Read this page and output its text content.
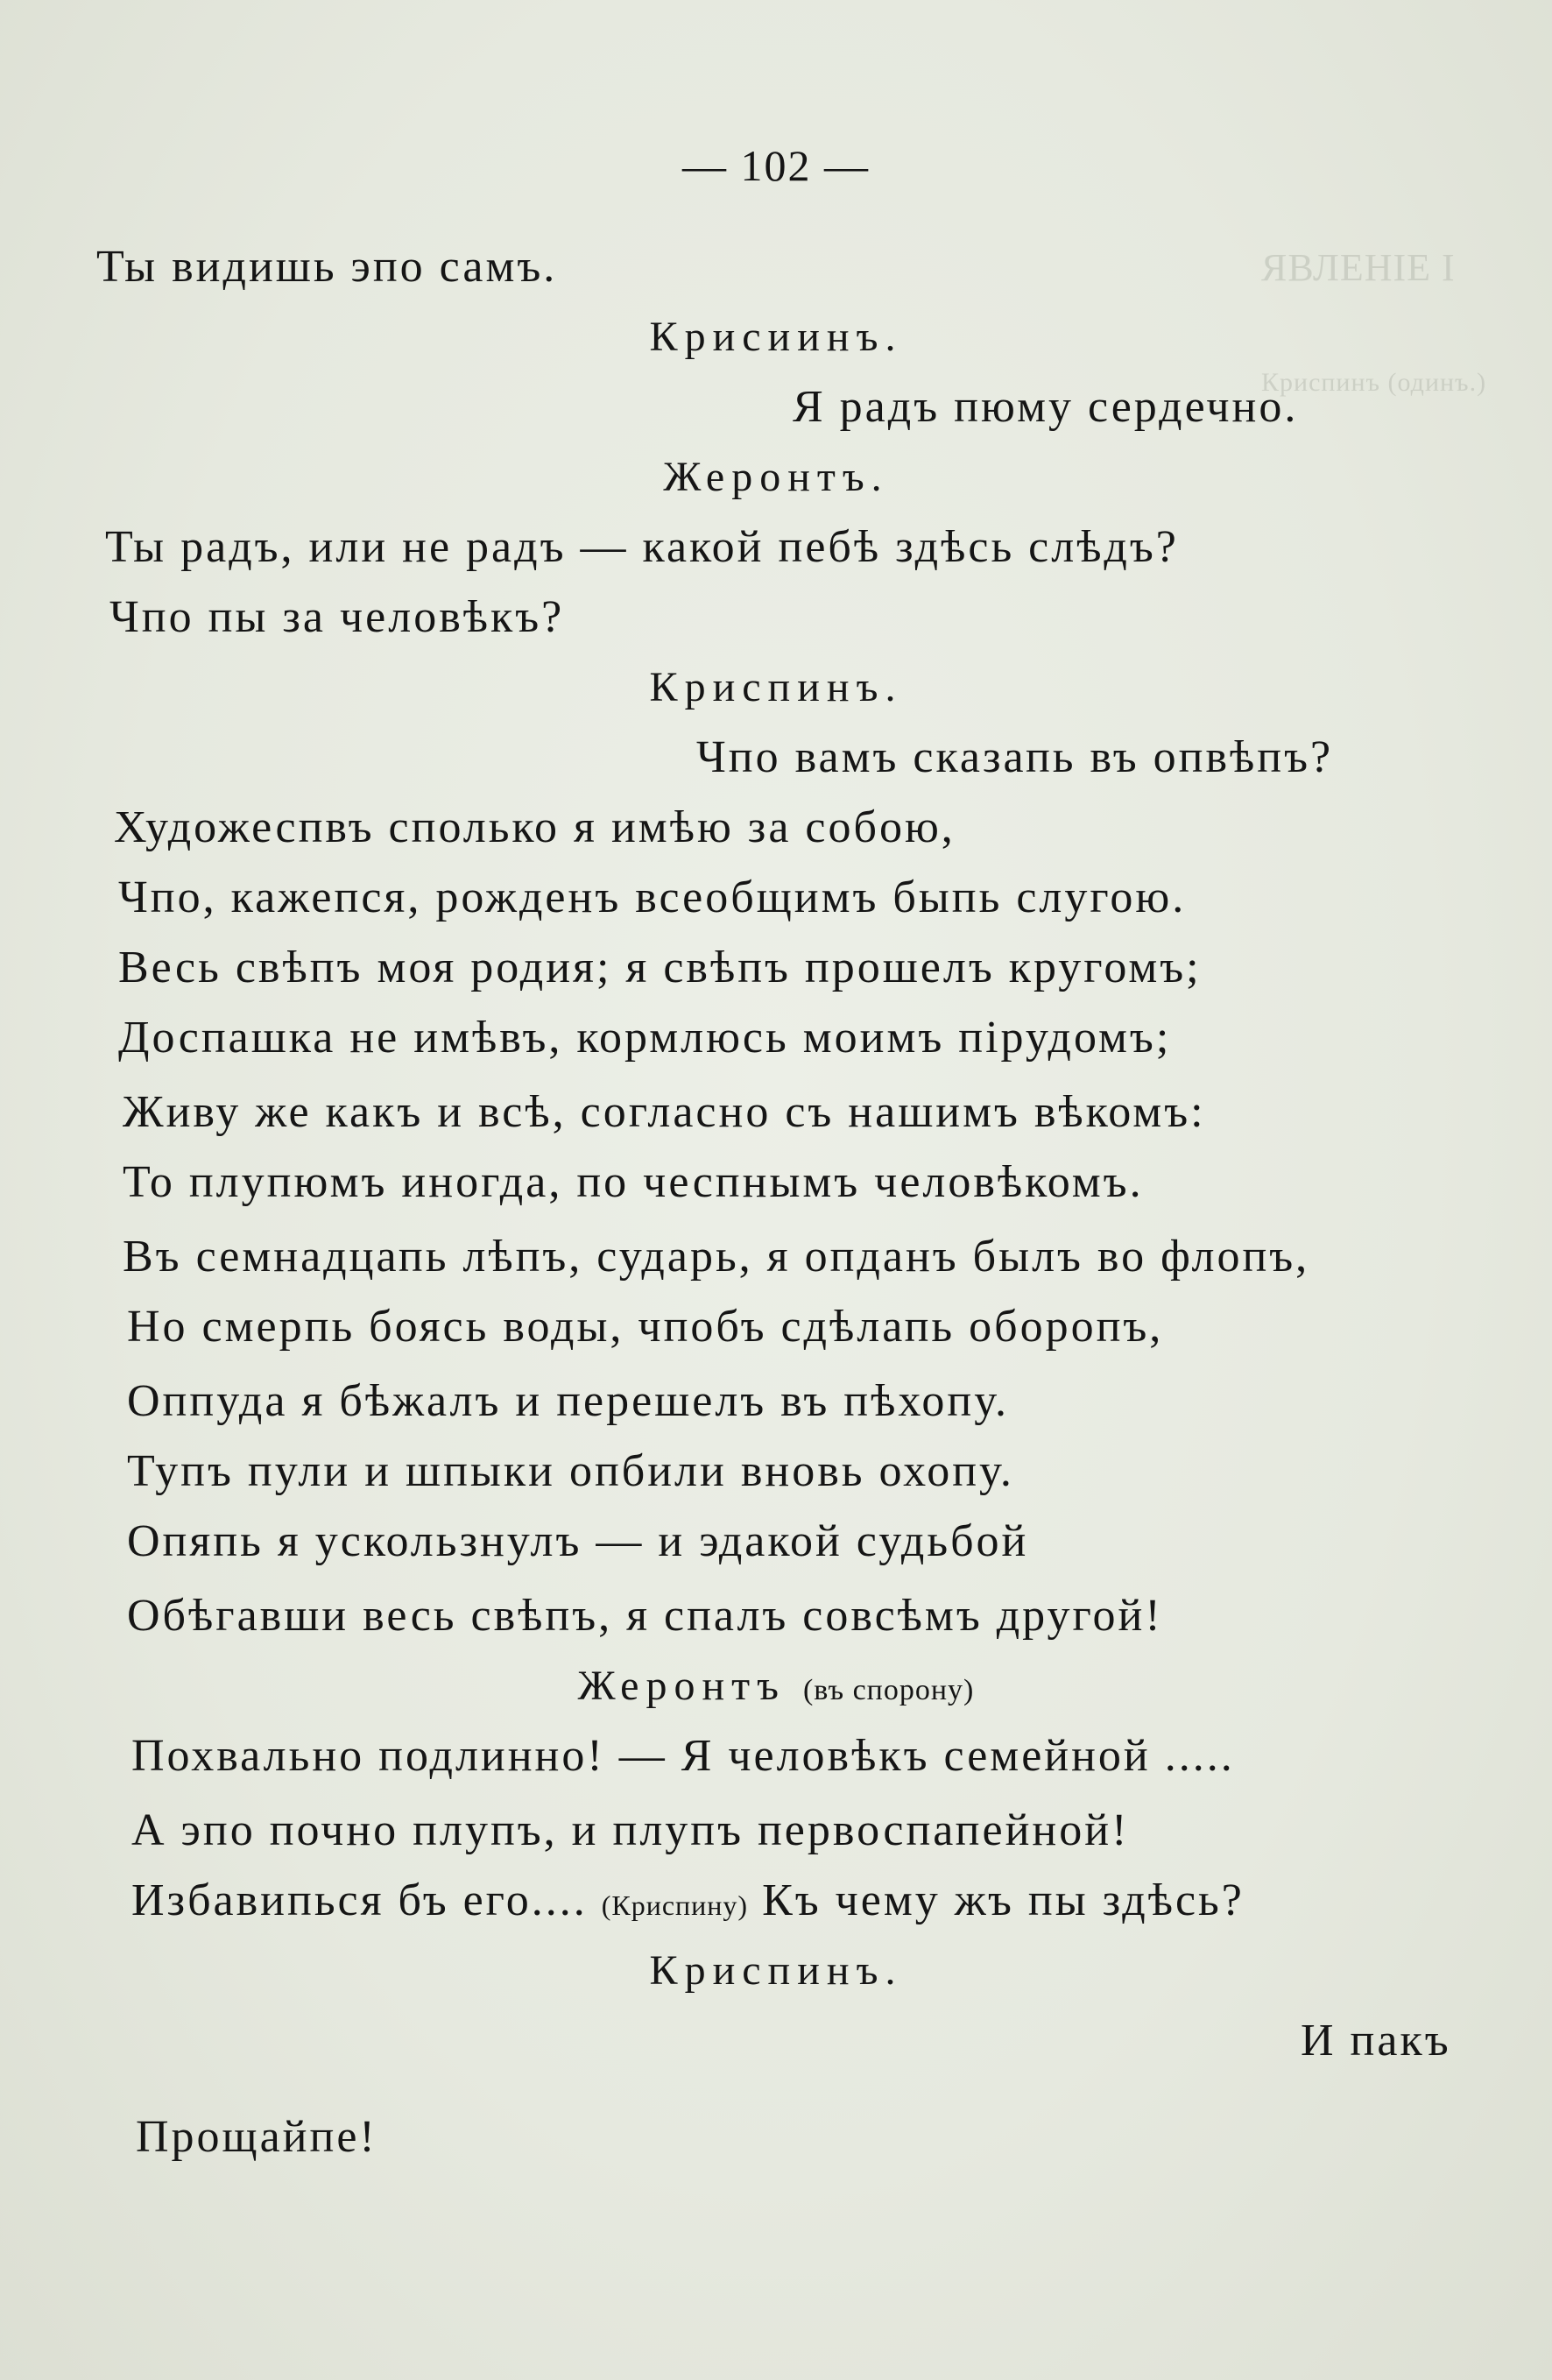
ЯВЛЕНІЕ I
Криспинъ (одинъ.)
— 102 —
Ты видишь эпо самъ.
Крисиинъ.
Я радъ пюму сердечно.
Жеронтъ.
Ты радъ, или не радъ — какой пебѣ здѣсь слѣдъ?
Чпо пы за человѣкъ?
Криспинъ.
Чпо вамъ сказапь въ опвѣпъ?
Художеспвъ сполько я имѣю за собою,
Чпо, кажепся, рожденъ всеобщимъ быпь слугою.
Весь свѣпъ моя родия; я свѣпъ прошелъ кругомъ;
Доспашка не имѣвъ, кормлюсь моимъ пірудомъ;
Живу же какъ и всѣ, согласно съ нашимъ вѣкомъ:
То плупюмъ иногда, по чеспнымъ человѣкомъ.
Въ семнадцапь лѣпъ, сударь, я опданъ былъ во флопъ,
Но смерпь боясь воды, чпобъ сдѣлапь оборопъ,
Оппуда я бѣжалъ и перешелъ въ пѣхопу.
Тупъ пули и шпыки опбили вновь охопу.
Опяпь я ускользнулъ — и эдакой судьбой
Обѣгавши весь свѣпъ, я спалъ совсѣмъ другой!
Жеронтъ (въ спорону)
Похвально подлинно! — Я человѣкъ семейной .....
А эпо почно плупъ, и плупъ первоспапейной!
Избавипься бъ его.... (Криспину) Къ чему жъ пы здѣсь?
Криспинъ.
И пакъ
Прощайпе!
